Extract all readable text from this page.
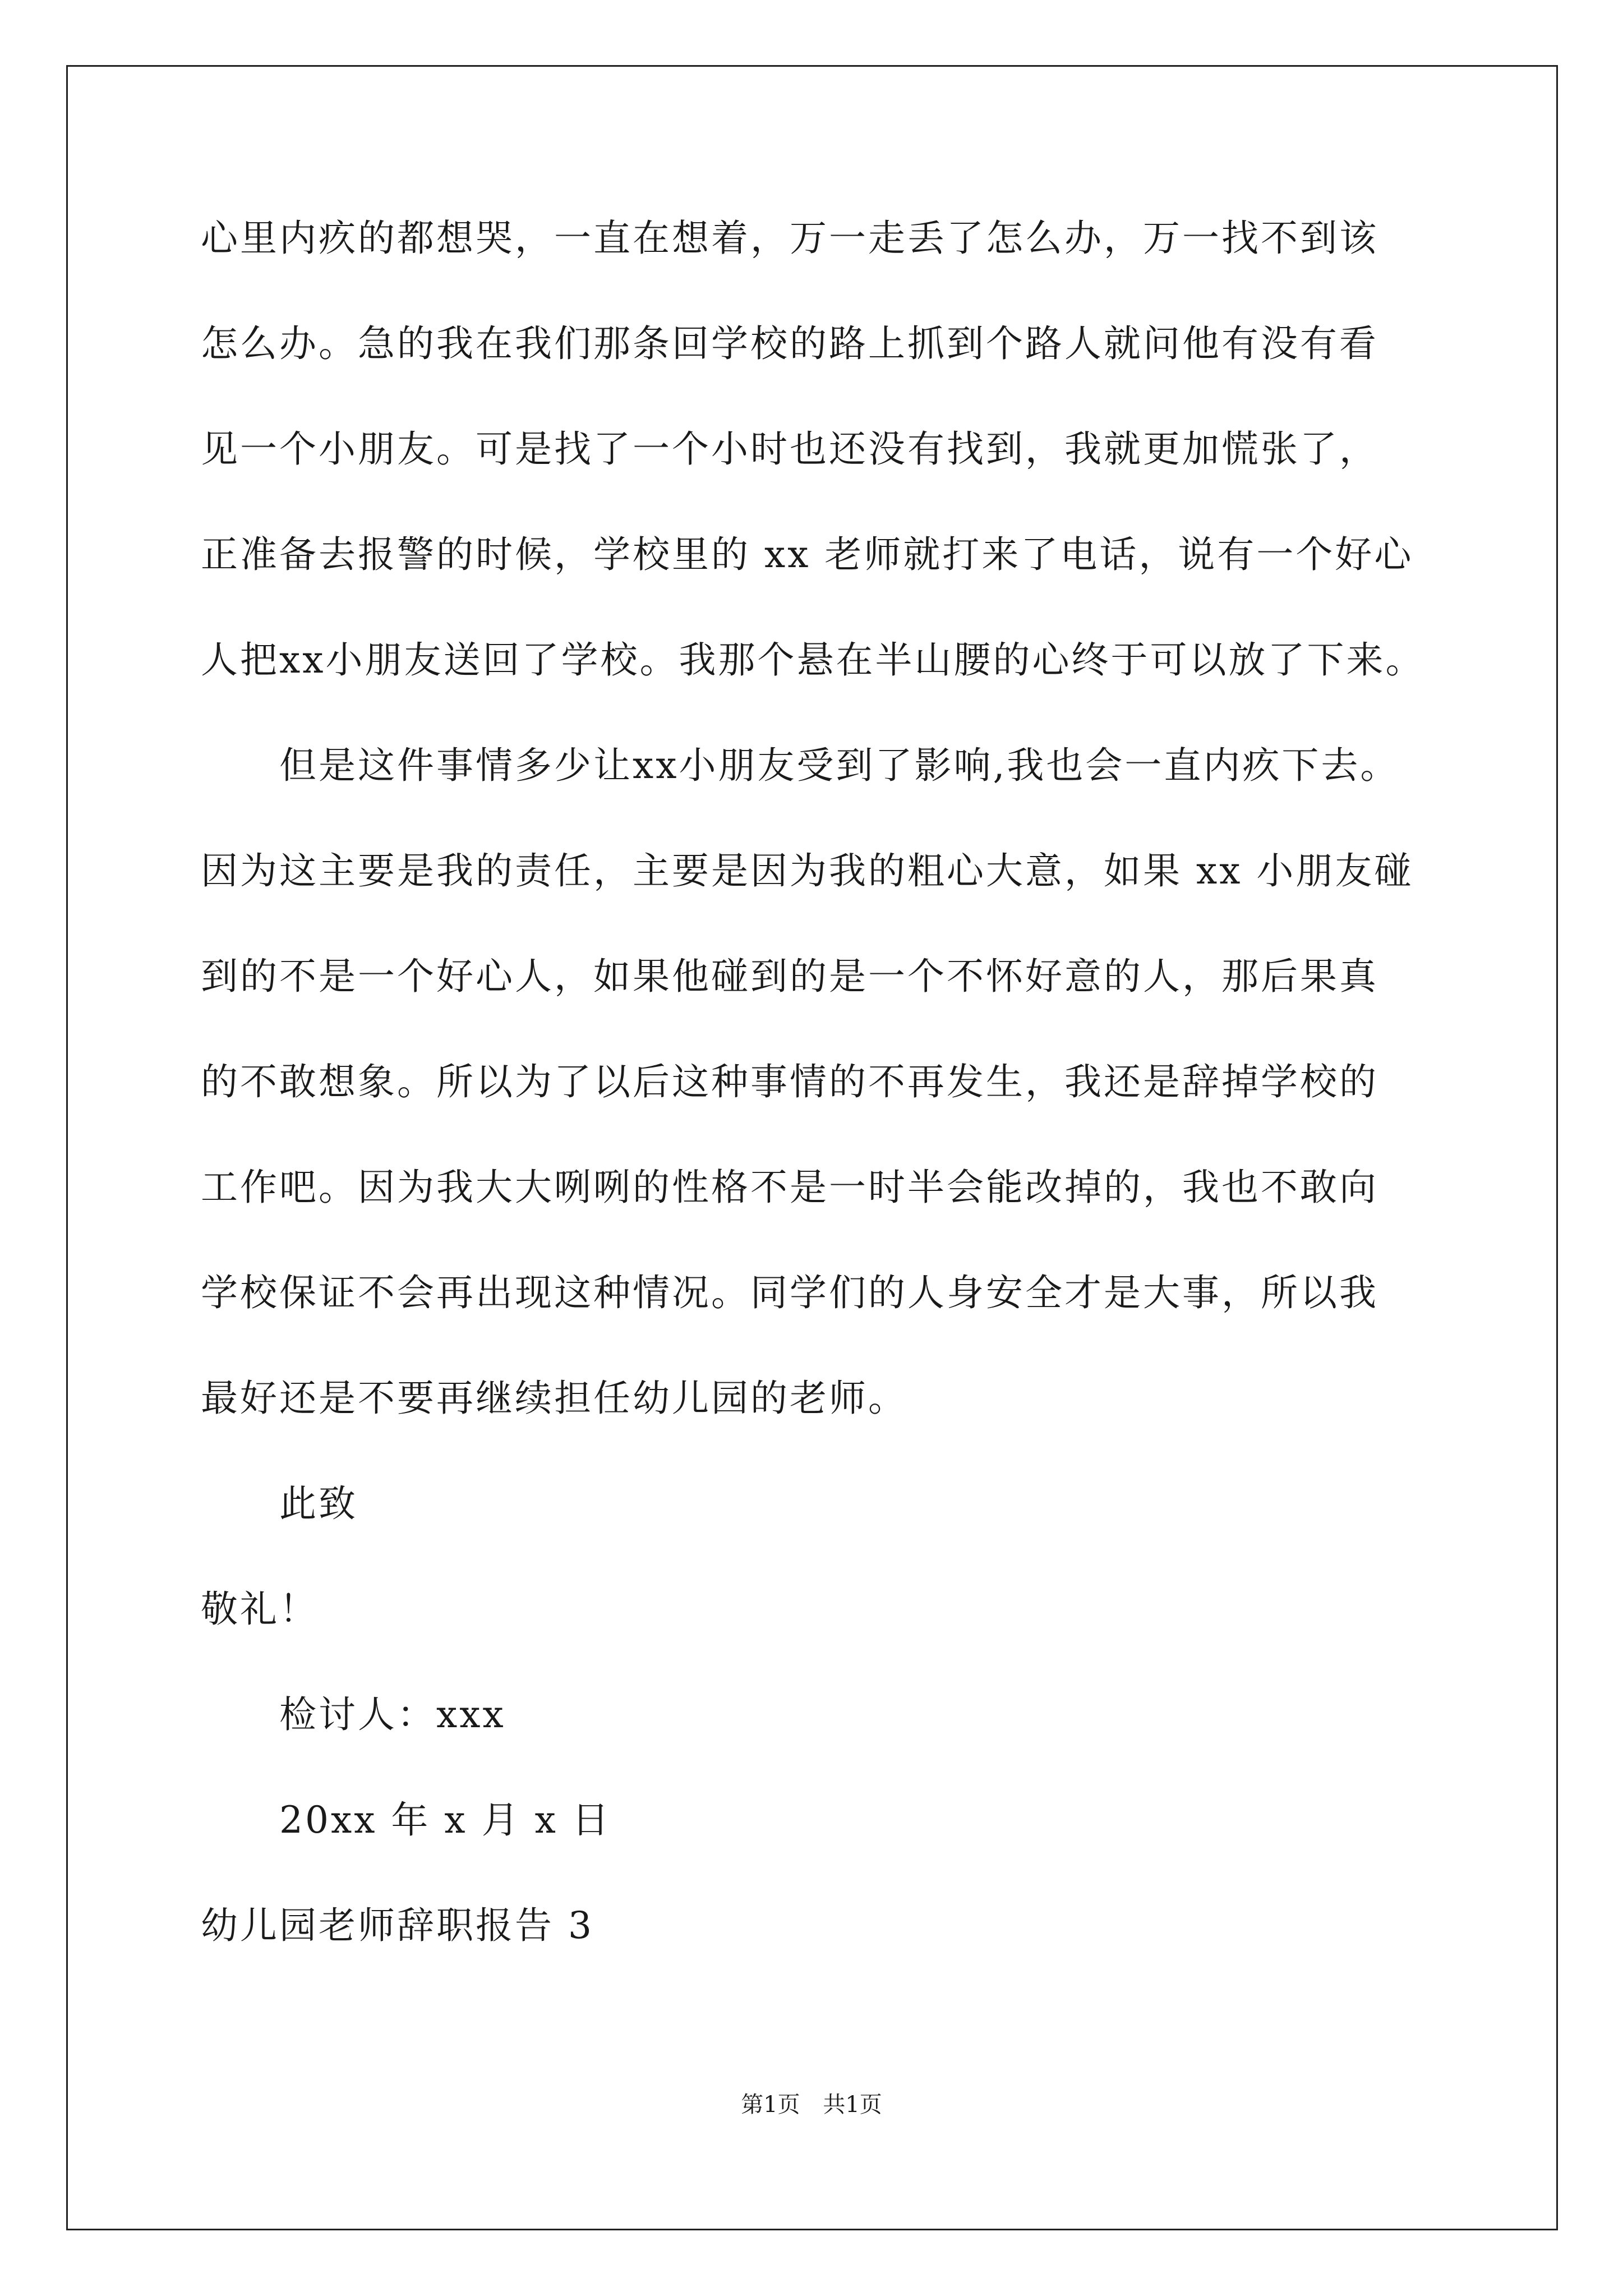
心里内疚的都想哭，一直在想着，万一走丢了怎么办，万一找不到该
怎么办。急的我在我们那条回学校的路上抓到个路人就问他有没有看
见一个小朋友。可是找了一个小时也还没有找到，我就更加慌张了，
正准备去报警的时候，学校里的 xx 老师就打来了电话，说有一个好心
人把xx小朋友送回了学校。我那个悬在半山腰的心终于可以放了下来。
但是这件事情多少让xx小朋友受到了影响,我也会一直内疚下去。
因为这主要是我的责任，主要是因为我的粗心大意，如果 xx 小朋友碰
到的不是一个好心人，如果他碰到的是一个不怀好意的人，那后果真
的不敢想象。所以为了以后这种事情的不再发生，我还是辞掉学校的
工作吧。因为我大大咧咧的性格不是一时半会能改掉的，我也不敢向
学校保证不会再出现这种情况。同学们的人身安全才是大事，所以我
最好还是不要再继续担任幼儿园的老师。
此致
敬礼！
检讨人：xxx
20xx 年 x 月 x 日
幼儿园老师辞职报告 3
第1页 共1页
